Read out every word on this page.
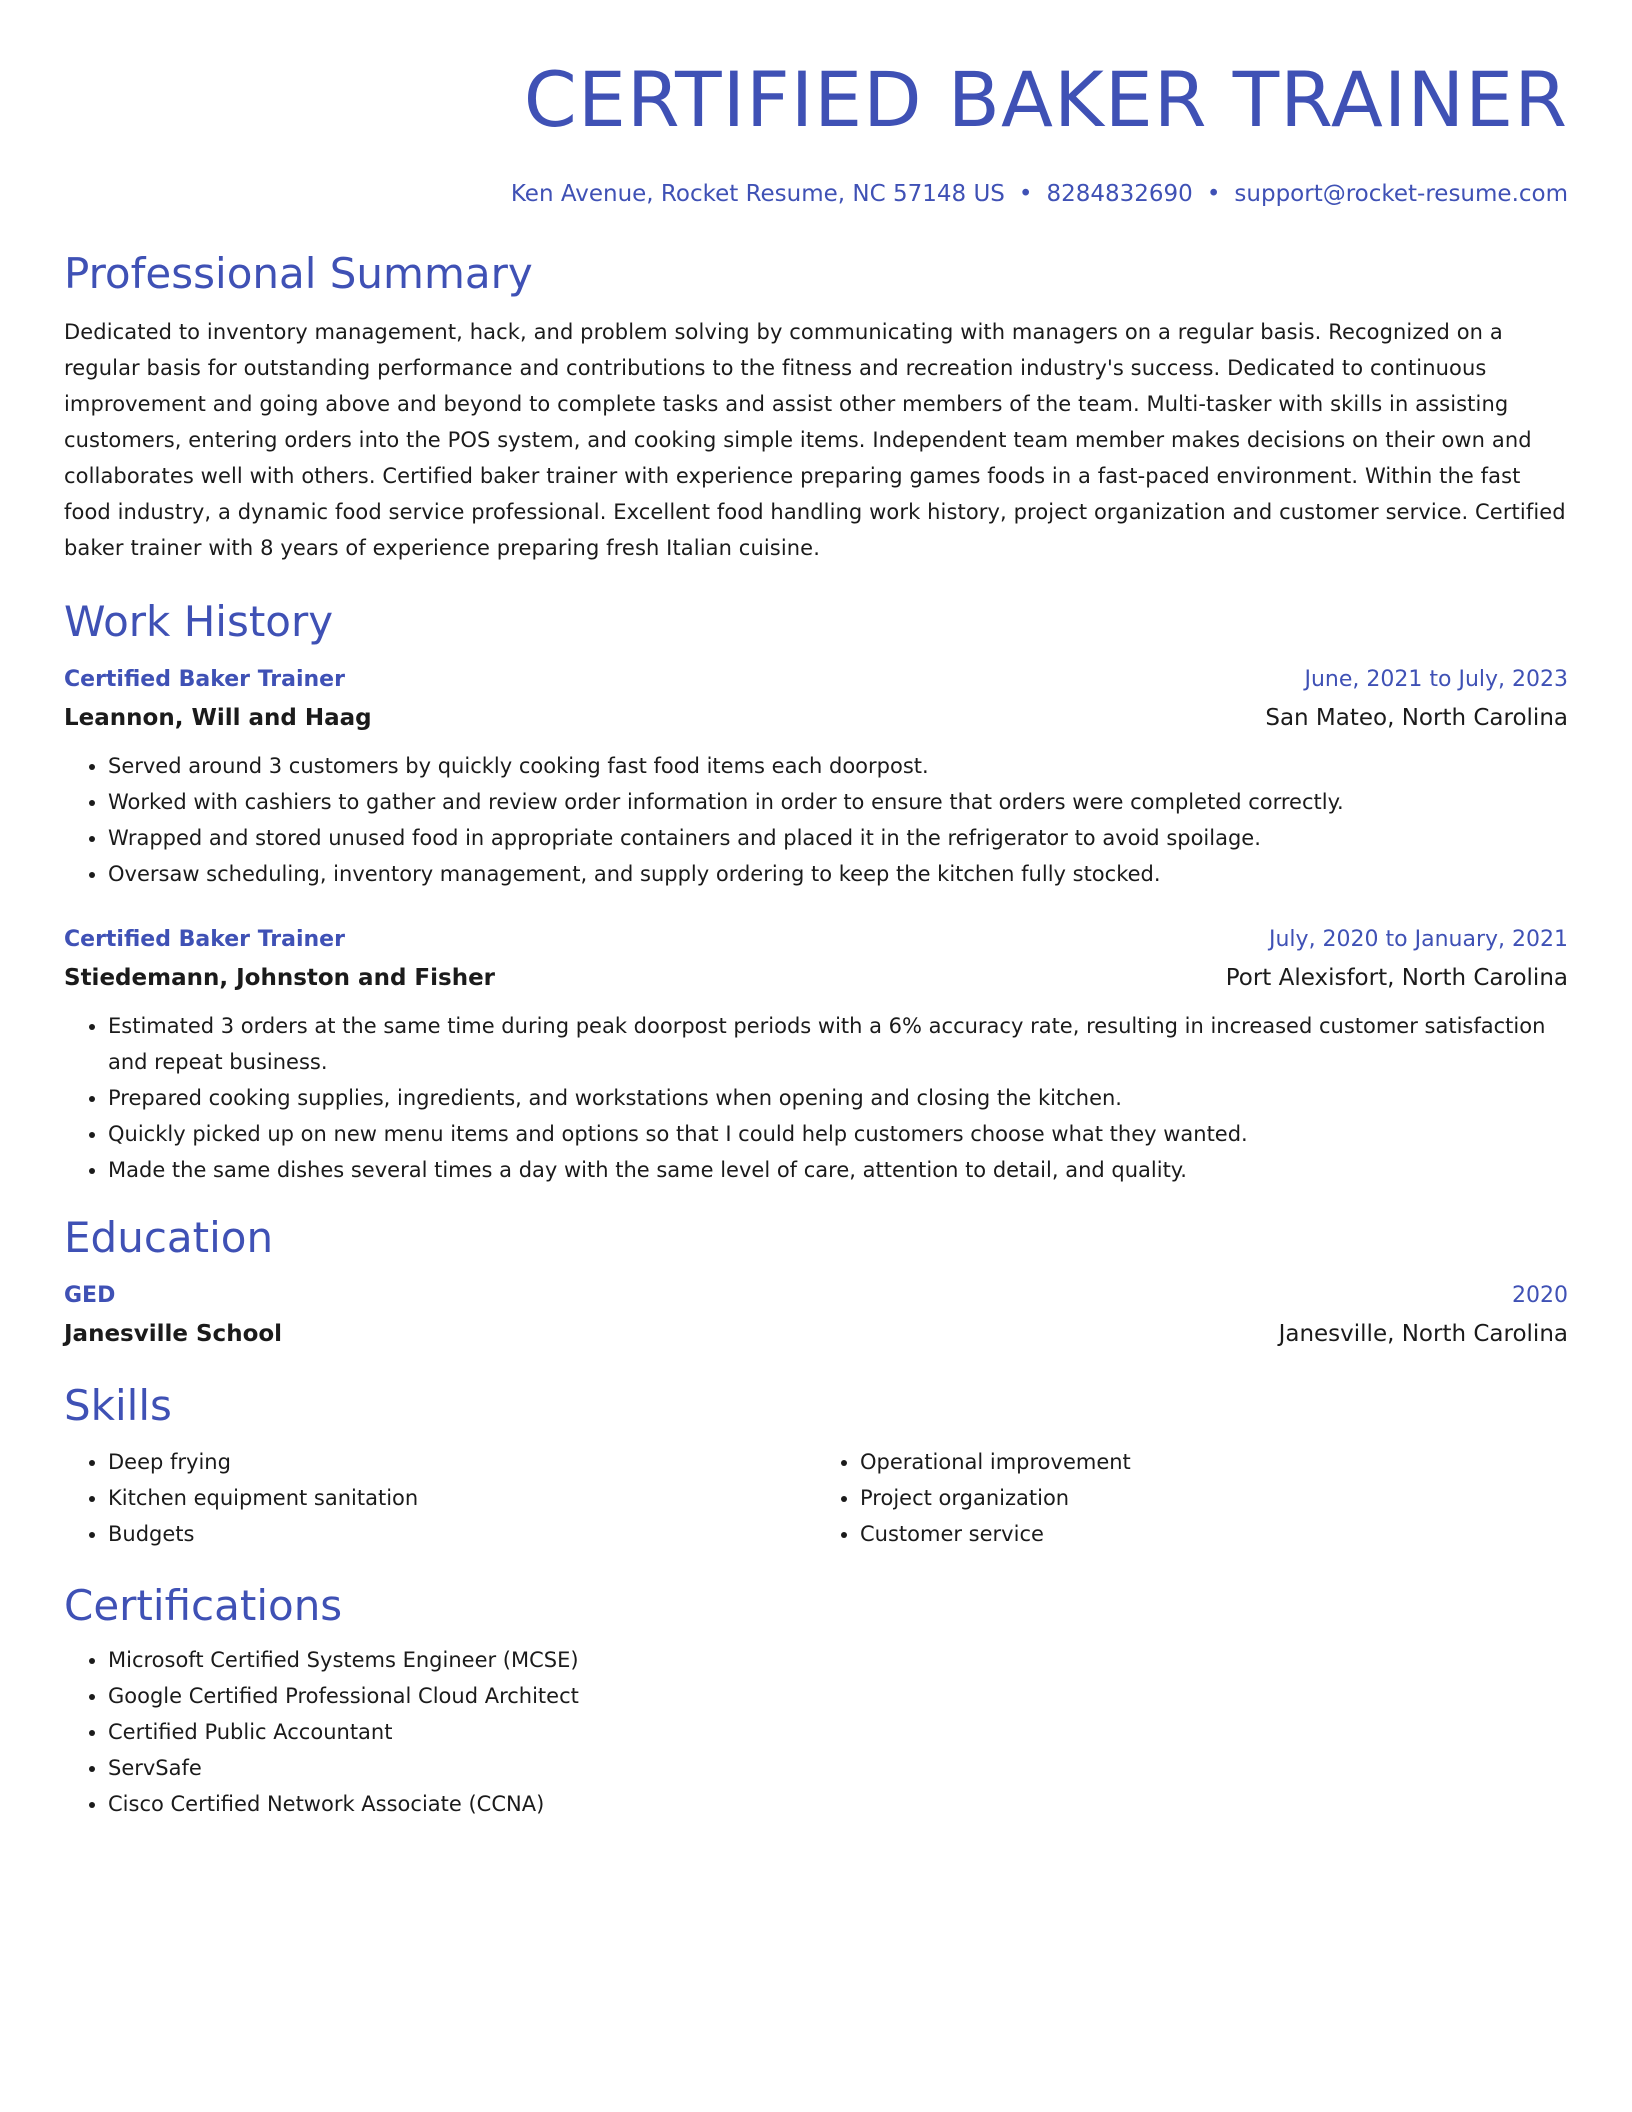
CERTIFIED BAKER TRAINER
Ken Avenue, Rocket Resume, NC 57148 US • 8284832690 • support@rocket-resume.com
Professional Summary
Dedicated to inventory management, hack, and problem solving by communicating with managers on a regular basis. Recognized on a regular basis for outstanding performance and contributions to the fitness and recreation industry's success. Dedicated to continuous improvement and going above and beyond to complete tasks and assist other members of the team. Multi-tasker with skills in assisting customers, entering orders into the POS system, and cooking simple items. Independent team member makes decisions on their own and collaborates well with others. Certified baker trainer with experience preparing games foods in a fast-paced environment. Within the fast food industry, a dynamic food service professional. Excellent food handling work history, project organization and customer service. Certified baker trainer with 8 years of experience preparing fresh Italian cuisine.
Work History
Certified Baker Trainer	June, 2021 to July, 2023
Leannon, Will and Haag	San Mateo, North Carolina
• Served around 3 customers by quickly cooking fast food items each doorpost.
• Worked with cashiers to gather and review order information in order to ensure that orders were completed correctly.
• Wrapped and stored unused food in appropriate containers and placed it in the refrigerator to avoid spoilage.
• Oversaw scheduling, inventory management, and supply ordering to keep the kitchen fully stocked.
Certified Baker Trainer	July, 2020 to January, 2021
Stiedemann, Johnston and Fisher	Port Alexisfort, North Carolina
• Estimated 3 orders at the same time during peak doorpost periods with a 6% accuracy rate, resulting in increased customer satisfaction and repeat business.
• Prepared cooking supplies, ingredients, and workstations when opening and closing the kitchen.
• Quickly picked up on new menu items and options so that I could help customers choose what they wanted.
• Made the same dishes several times a day with the same level of care, attention to detail, and quality.
Education
GED	2020
Janesville School	Janesville, North Carolina
Skills
• Deep frying
• Kitchen equipment sanitation
• Budgets
• Operational improvement
• Project organization
• Customer service
Certifications
• Microsoft Certified Systems Engineer (MCSE)
• Google Certified Professional Cloud Architect
• Certified Public Accountant
• ServSafe
• Cisco Certified Network Associate (CCNA)
